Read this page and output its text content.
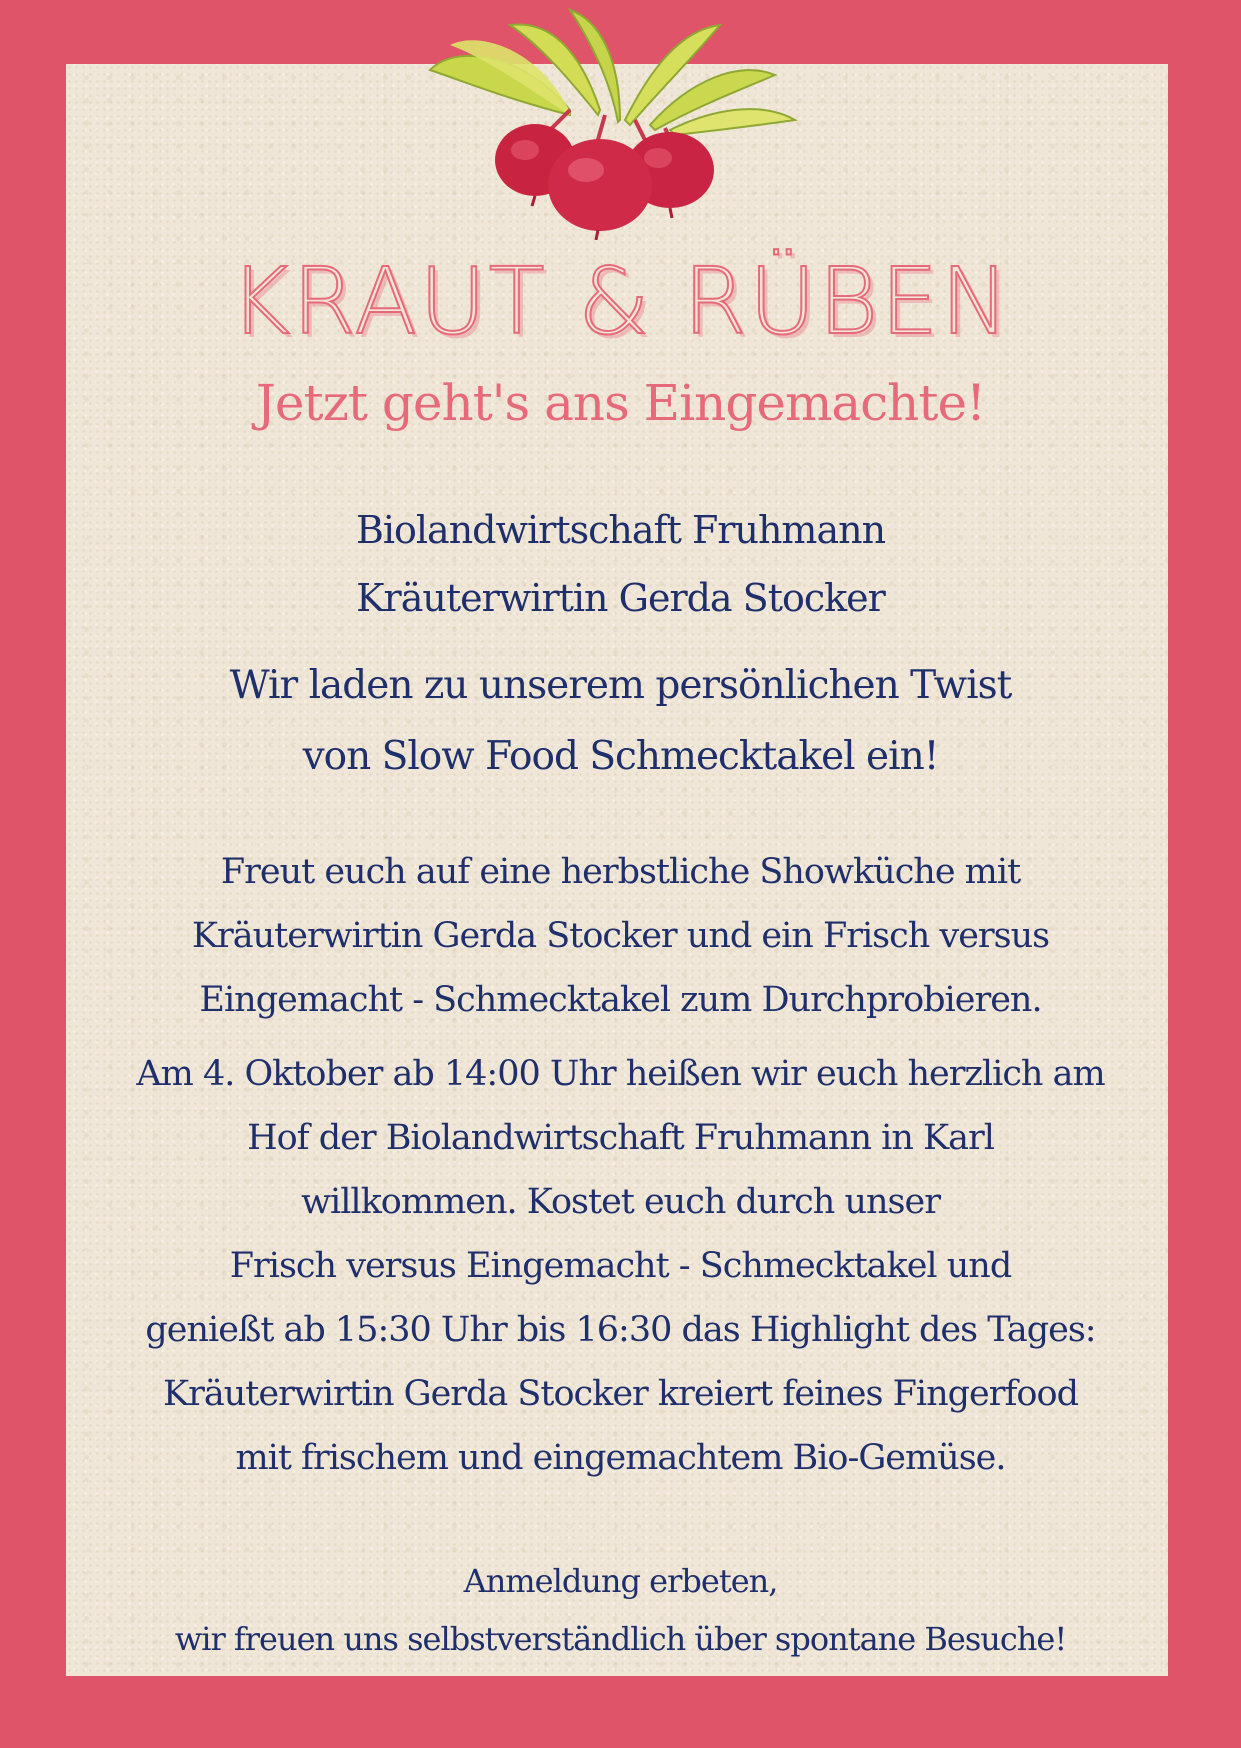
KRAUT & RÜBEN
Jetzt geht's ans Eingemachte!
Biolandwirtschaft Fruhmann
Kräuterwirtin Gerda Stocker
Wir laden zu unserem persönlichen Twist
von Slow Food Schmecktakel ein!
Freut euch auf eine herbstliche Showküche mit
Kräuterwirtin Gerda Stocker und ein Frisch versus
Eingemacht - Schmecktakel zum Durchprobieren.
Am 4. Oktober ab 14:00 Uhr heißen wir euch herzlich am
Hof der Biolandwirtschaft Fruhmann in Karl
willkommen. Kostet euch durch unser
Frisch versus Eingemacht - Schmecktakel und
genießt ab 15:30 Uhr bis 16:30 das Highlight des Tages:
Kräuterwirtin Gerda Stocker kreiert feines Fingerfood
mit frischem und eingemachtem Bio-Gemüse.
Anmeldung erbeten,
wir freuen uns selbstverständlich über spontane Besuche!
